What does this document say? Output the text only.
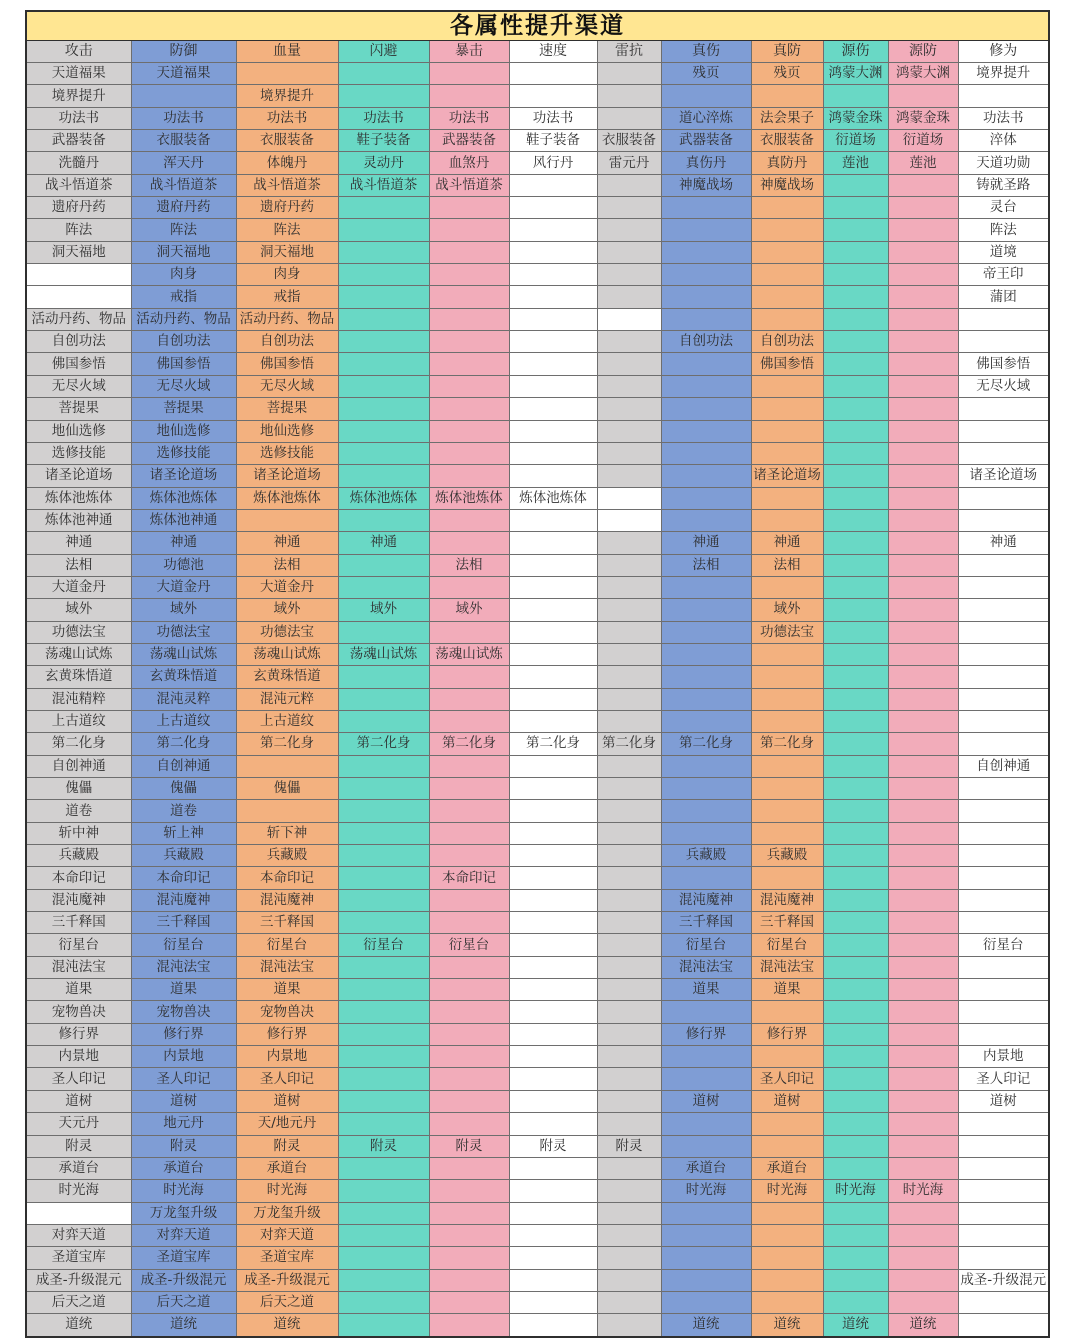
各属性提升渠道											
攻击	防御	血量	闪避	暴击	速度	雷抗	真伤	真防	源伤	源防	修为
天道福果	天道福果						残页	残页	鸿蒙大渊	鸿蒙大渊	境界提升
境界提升		境界提升									
功法书	功法书	功法书	功法书	功法书	功法书		道心淬炼	法会果子	鸿蒙金珠	鸿蒙金珠	功法书
武器装备	衣服装备	衣服装备	鞋子装备	武器装备	鞋子装备	衣服装备	武器装备	衣服装备	衍道场	衍道场	淬体
洗髓丹	浑天丹	体魄丹	灵动丹	血煞丹	风行丹	雷元丹	真伤丹	真防丹	莲池	莲池	天道功勋
战斗悟道茶	战斗悟道茶	战斗悟道茶	战斗悟道茶	战斗悟道茶			神魔战场	神魔战场			铸就圣路
遗府丹药	遗府丹药	遗府丹药									灵台
阵法	阵法	阵法									阵法
洞天福地	洞天福地	洞天福地									道境
	肉身	肉身									帝王印
	戒指	戒指									蒲团
活动丹药、物品	活动丹药、物品	活动丹药、物品									
自创功法	自创功法	自创功法					自创功法	自创功法			
佛国参悟	佛国参悟	佛国参悟						佛国参悟			佛国参悟
无尽火域	无尽火域	无尽火域									无尽火域
菩提果	菩提果	菩提果									
地仙选修	地仙选修	地仙选修									
选修技能	选修技能	选修技能									
诸圣论道场	诸圣论道场	诸圣论道场						诸圣论道场			诸圣论道场
炼体池炼体	炼体池炼体	炼体池炼体	炼体池炼体	炼体池炼体	炼体池炼体						
炼体池神通	炼体池神通										
神通	神通	神通	神通				神通	神通			神通
法相	功德池	法相		法相			法相	法相			
大道金丹	大道金丹	大道金丹									
域外	域外	域外	域外	域外				域外			
功德法宝	功德法宝	功德法宝						功德法宝			
荡魂山试炼	荡魂山试炼	荡魂山试炼	荡魂山试炼	荡魂山试炼							
玄黄珠悟道	玄黄珠悟道	玄黄珠悟道									
混沌精粹	混沌灵粹	混沌元粹									
上古道纹	上古道纹	上古道纹									
第二化身	第二化身	第二化身	第二化身	第二化身	第二化身	第二化身	第二化身	第二化身			
自创神通	自创神通										自创神通
傀儡	傀儡	傀儡									
道卷	道卷										
斩中神	斩上神	斩下神									
兵藏殿	兵藏殿	兵藏殿					兵藏殿	兵藏殿			
本命印记	本命印记	本命印记		本命印记							
混沌魔神	混沌魔神	混沌魔神					混沌魔神	混沌魔神			
三千释国	三千释国	三千释国					三千释国	三千释国			
衍星台	衍星台	衍星台	衍星台	衍星台			衍星台	衍星台			衍星台
混沌法宝	混沌法宝	混沌法宝					混沌法宝	混沌法宝			
道果	道果	道果					道果	道果			
宠物兽决	宠物兽决	宠物兽决									
修行界	修行界	修行界					修行界	修行界			
内景地	内景地	内景地									内景地
圣人印记	圣人印记	圣人印记						圣人印记			圣人印记
道树	道树	道树					道树	道树			道树
天元丹	地元丹	天/地元丹									
附灵	附灵	附灵	附灵	附灵	附灵	附灵					
承道台	承道台	承道台					承道台	承道台			
时光海	时光海	时光海					时光海	时光海	时光海	时光海	
	万龙玺升级	万龙玺升级									
对弈天道	对弈天道	对弈天道									
圣道宝库	圣道宝库	圣道宝库									
成圣-升级混元	成圣-升级混元	成圣-升级混元									成圣-升级混元
后天之道	后天之道	后天之道									
道统	道统	道统					道统	道统	道统	道统	
